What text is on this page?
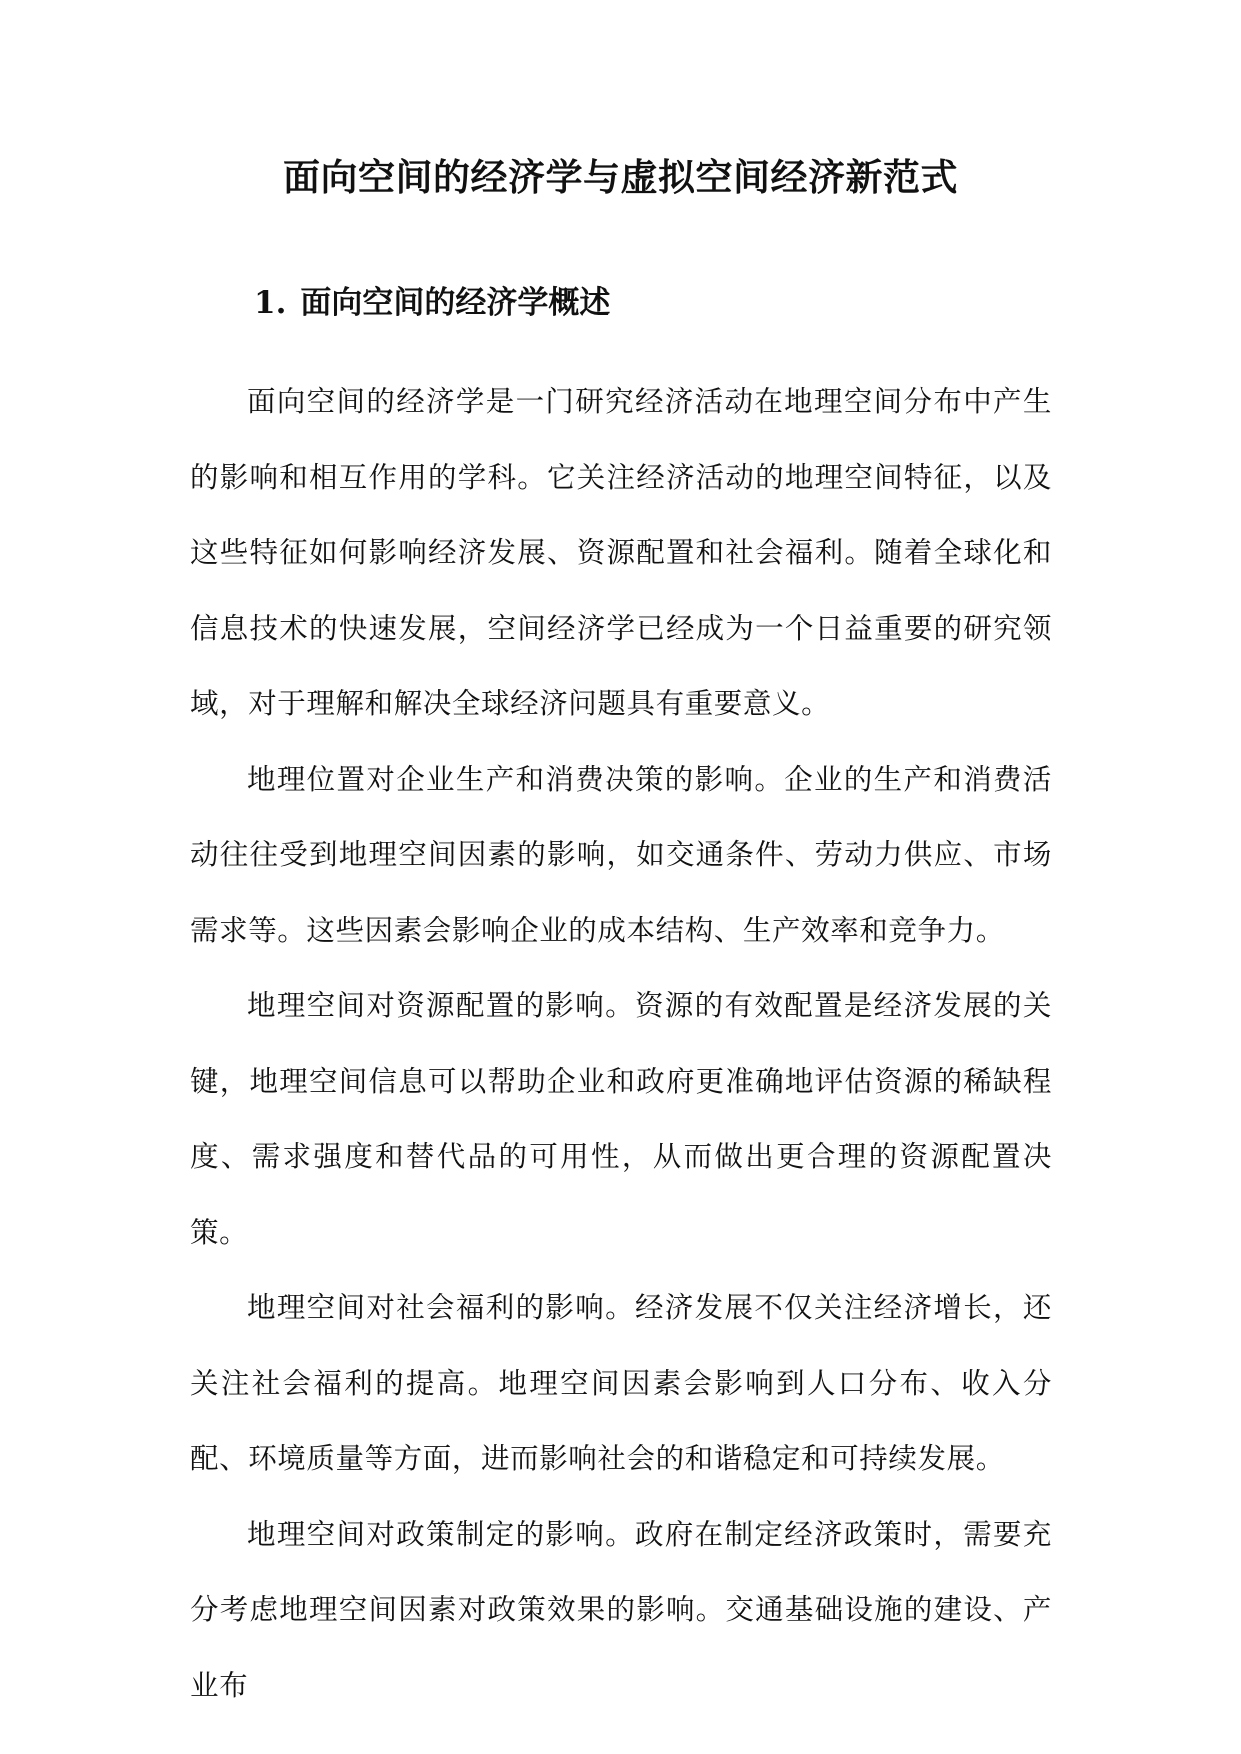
面向空间的经济学与虚拟空间经济新范式
1. 面向空间的经济学概述

面向空间的经济学是一门研究经济活动在地理空间分布中产生的影响和相互作用的学科。它关注经济活动的地理空间特征，以及这些特征如何影响经济发展、资源配置和社会福利。随着全球化和信息技术的快速发展，空间经济学已经成为一个日益重要的研究领域，对于理解和解决全球经济问题具有重要意义。

地理位置对企业生产和消费决策的影响。企业的生产和消费活动往往受到地理空间因素的影响，如交通条件、劳动力供应、市场需求等。这些因素会影响企业的成本结构、生产效率和竞争力。

地理空间对资源配置的影响。资源的有效配置是经济发展的关键，地理空间信息可以帮助企业和政府更准确地评估资源的稀缺程度、需求强度和替代品的可用性，从而做出更合理的资源配置决策。

地理空间对社会福利的影响。经济发展不仅关注经济增长，还关注社会福利的提高。地理空间因素会影响到人口分布、收入分配、环境质量等方面，进而影响社会的和谐稳定和可持续发展。

地理空间对政策制定的影响。政府在制定经济政策时，需要充分考虑地理空间因素对政策效果的影响。交通基础设施的建设、产业布
